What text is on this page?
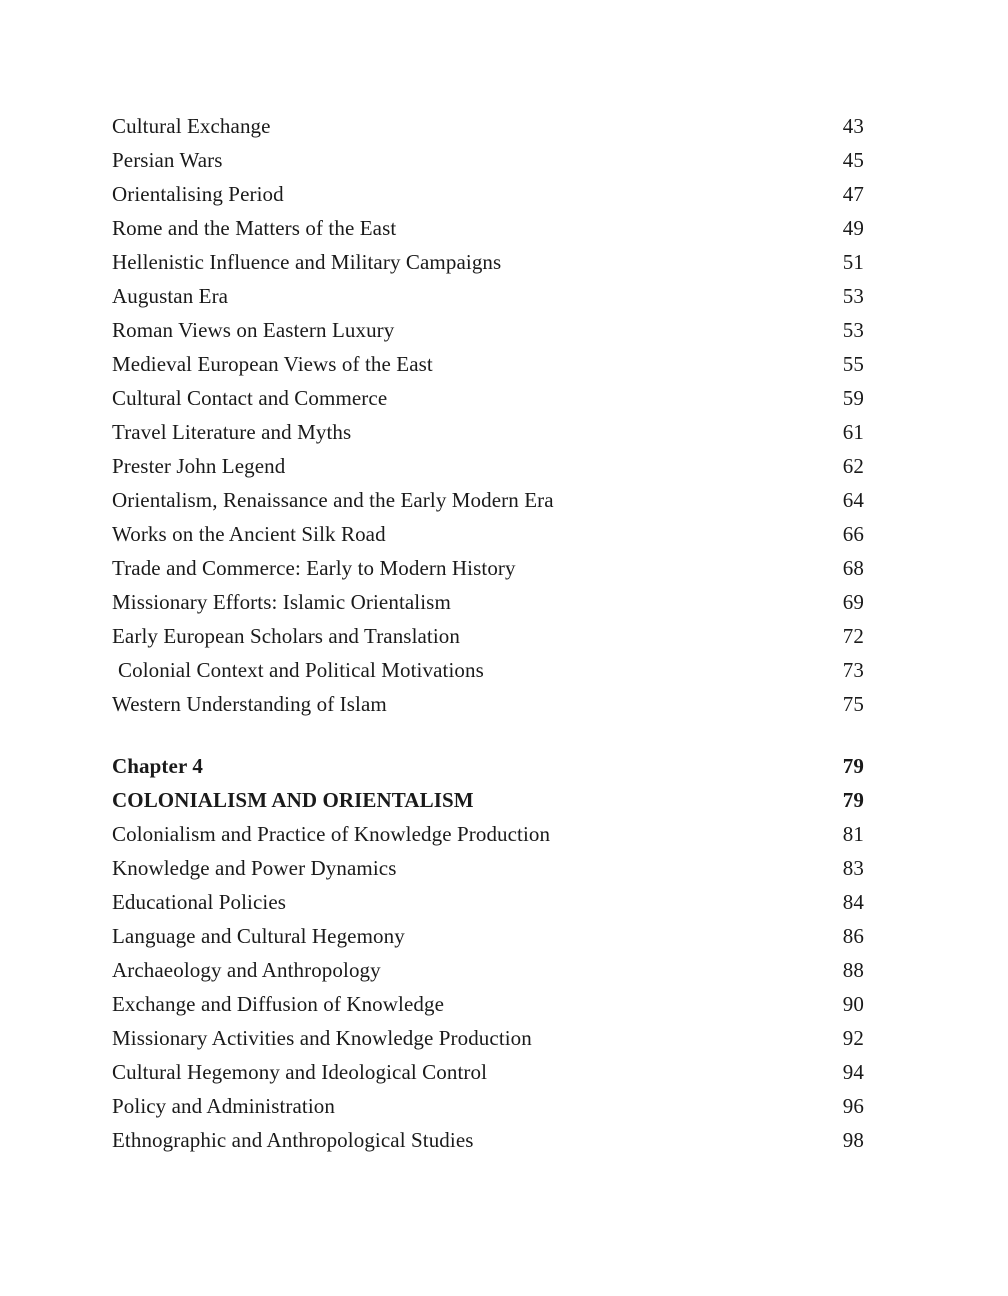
Cultural Exchange	43
Persian Wars	45
Orientalising Period	47
Rome and the Matters of the East	49
Hellenistic Influence and Military Campaigns	51
Augustan Era	53
Roman Views on Eastern Luxury	53
Medieval European Views of the East	55
Cultural Contact and Commerce	59
Travel Literature and Myths	61
Prester John Legend	62
Orientalism, Renaissance and the Early Modern Era	64
Works on the Ancient Silk Road	66
Trade and Commerce: Early to Modern History	68
Missionary Efforts: Islamic Orientalism	69
Early European Scholars and Translation	72
Colonial Context and Political Motivations	73
Western Understanding of Islam	75
Chapter 4	79
COLONIALISM AND ORIENTALISM	79
Colonialism and Practice of Knowledge Production	81
Knowledge and Power Dynamics	83
Educational Policies	84
Language and Cultural Hegemony	86
Archaeology and Anthropology	88
Exchange and Diffusion of Knowledge	90
Missionary Activities and Knowledge Production	92
Cultural Hegemony and Ideological Control	94
Policy and Administration	96
Ethnographic and Anthropological Studies	98
